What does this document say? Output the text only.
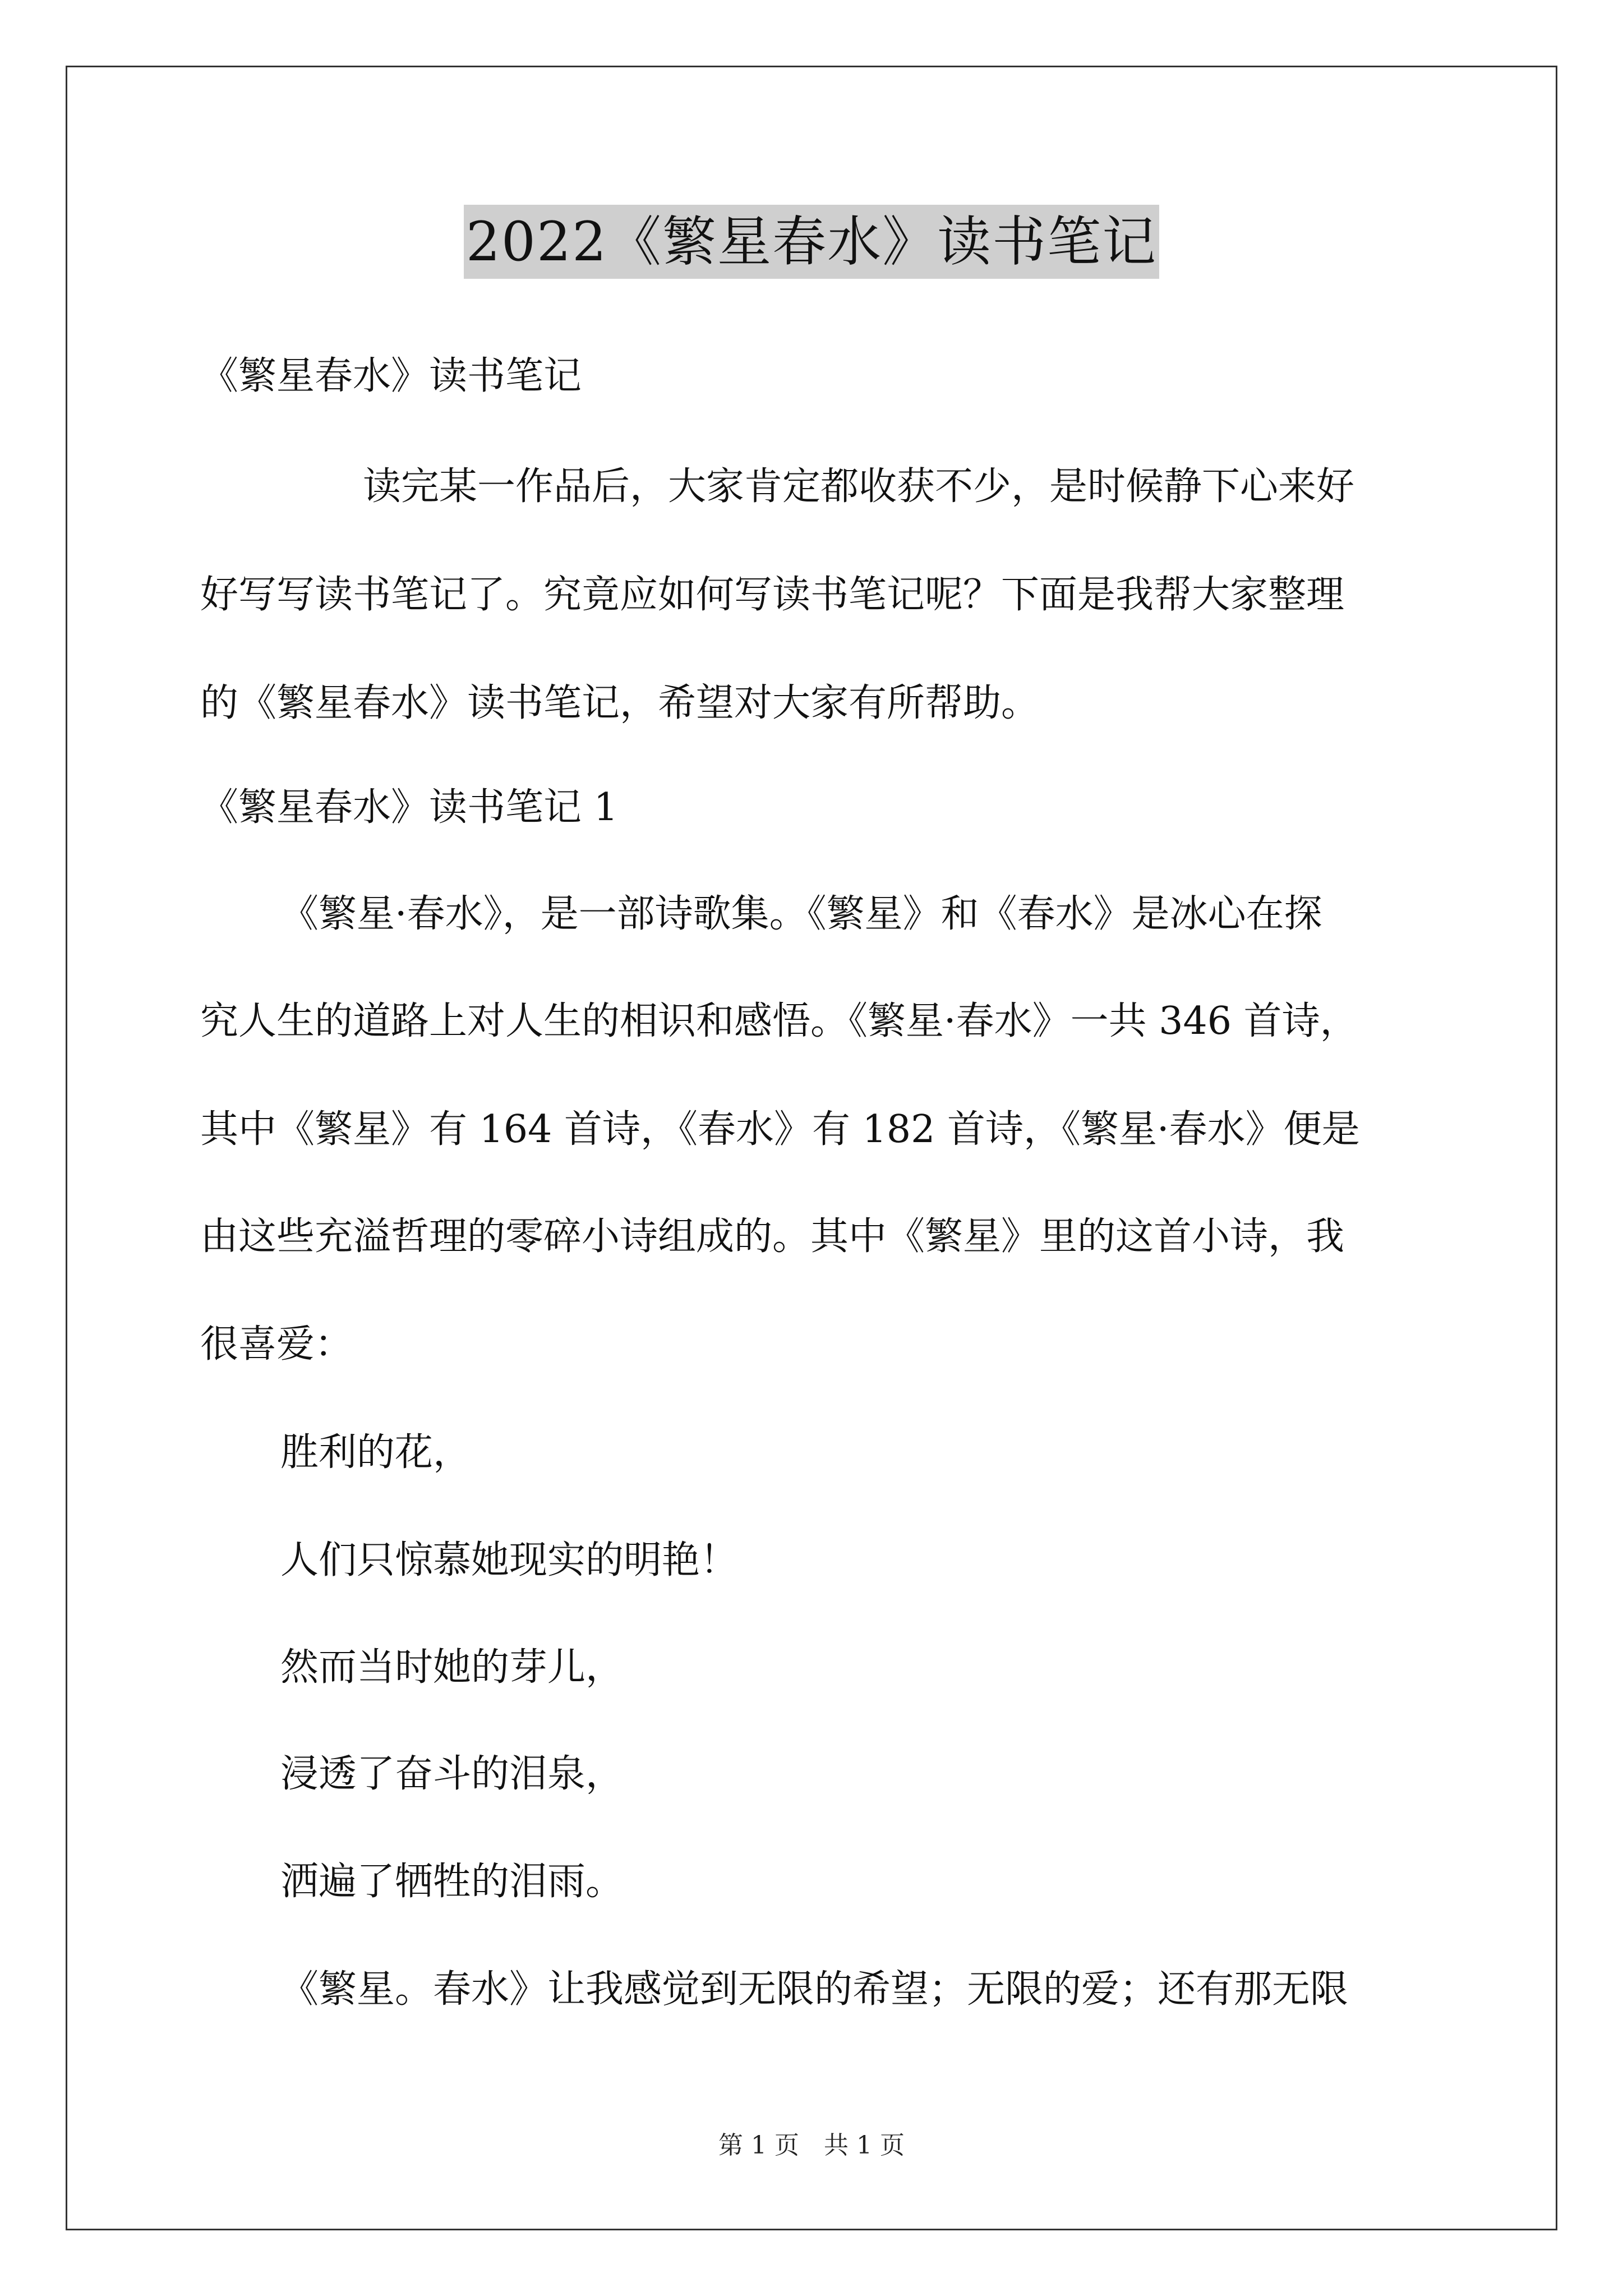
2022《繁星春水》读书笔记
《繁星春水》读书笔记
读完某一作品后，大家肯定都收获不少，是时候静下心来好
好写写读书笔记了。究竟应如何写读书笔记呢？下面是我帮大家整理
的《繁星春水》读书笔记，希望对大家有所帮助。
《繁星春水》读书笔记 1
《繁星·春水》，是一部诗歌集。《繁星》和《春水》是冰心在探
究人生的道路上对人生的相识和感悟。《繁星·春水》一共 346 首诗，
其中《繁星》有 164 首诗，《春水》有 182 首诗，《繁星·春水》便是
由这些充溢哲理的零碎小诗组成的。其中《繁星》里的这首小诗，我
很喜爱：
胜利的花，
人们只惊慕她现实的明艳！
然而当时她的芽儿，
浸透了奋斗的泪泉，
洒遍了牺牲的泪雨。
《繁星。春水》让我感觉到无限的希望；无限的爱；还有那无限
第 1 页　共 1 页
